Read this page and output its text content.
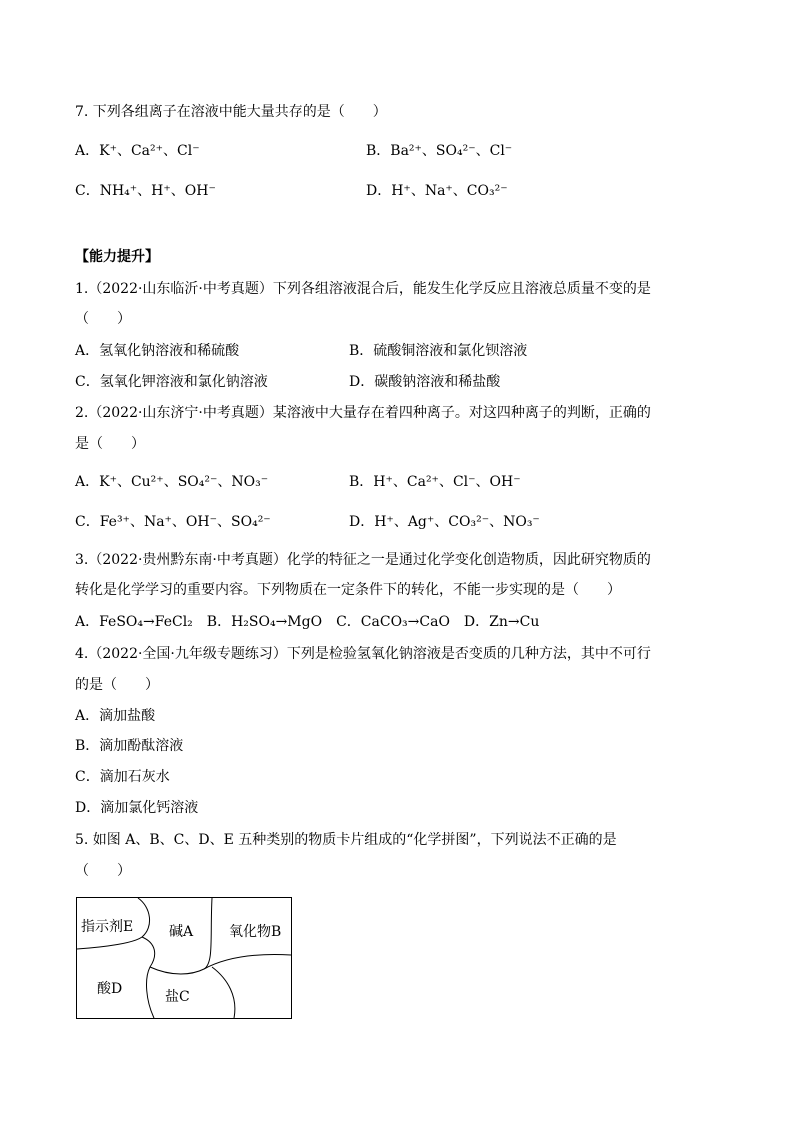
7. 下列各组离子在溶液中能大量共存的是（　　）
A．K⁺、Ca²⁺、Cl⁻	B．Ba²⁺、SO₄²⁻、Cl⁻
C．NH₄⁺、H⁺、OH⁻	D．H⁺、Na⁺、CO₃²⁻
【能力提升】
1.（2022·山东临沂·中考真题）下列各组溶液混合后，能发生化学反应且溶液总质量不变的是
（　　）
A．氢氧化钠溶液和稀硫酸	B．硫酸铜溶液和氯化钡溶液
C．氢氧化钾溶液和氯化钠溶液	D．碳酸钠溶液和稀盐酸
2.（2022·山东济宁·中考真题）某溶液中大量存在着四种离子。对这四种离子的判断，正确的
是（　　）
A．K⁺、Cu²⁺、SO₄²⁻、NO₃⁻	B．H⁺、Ca²⁺、Cl⁻、OH⁻
C．Fe³⁺、Na⁺、OH⁻、SO₄²⁻	D．H⁺、Ag⁺、CO₃²⁻、NO₃⁻
3.（2022·贵州黔东南·中考真题）化学的特征之一是通过化学变化创造物质，因此研究物质的
转化是化学学习的重要内容。下列物质在一定条件下的转化，不能一步实现的是（　　）
A．FeSO₄→FeCl₂　B．H₂SO₄→MgO　C．CaCO₃→CaO　D．Zn→Cu
4.（2022·全国·九年级专题练习）下列是检验氢氧化钠溶液是否变质的几种方法，其中不可行
的是（　　）
A．滴加盐酸
B．滴加酚酞溶液
C．滴加石灰水
D．滴加氯化钙溶液
5. 如图 A、B、C、D、E 五种类别的物质卡片组成的“化学拼图”，下列说法不正确的是
（　　）
指示剂E	碱A	氧化物B
酸D	盐C
